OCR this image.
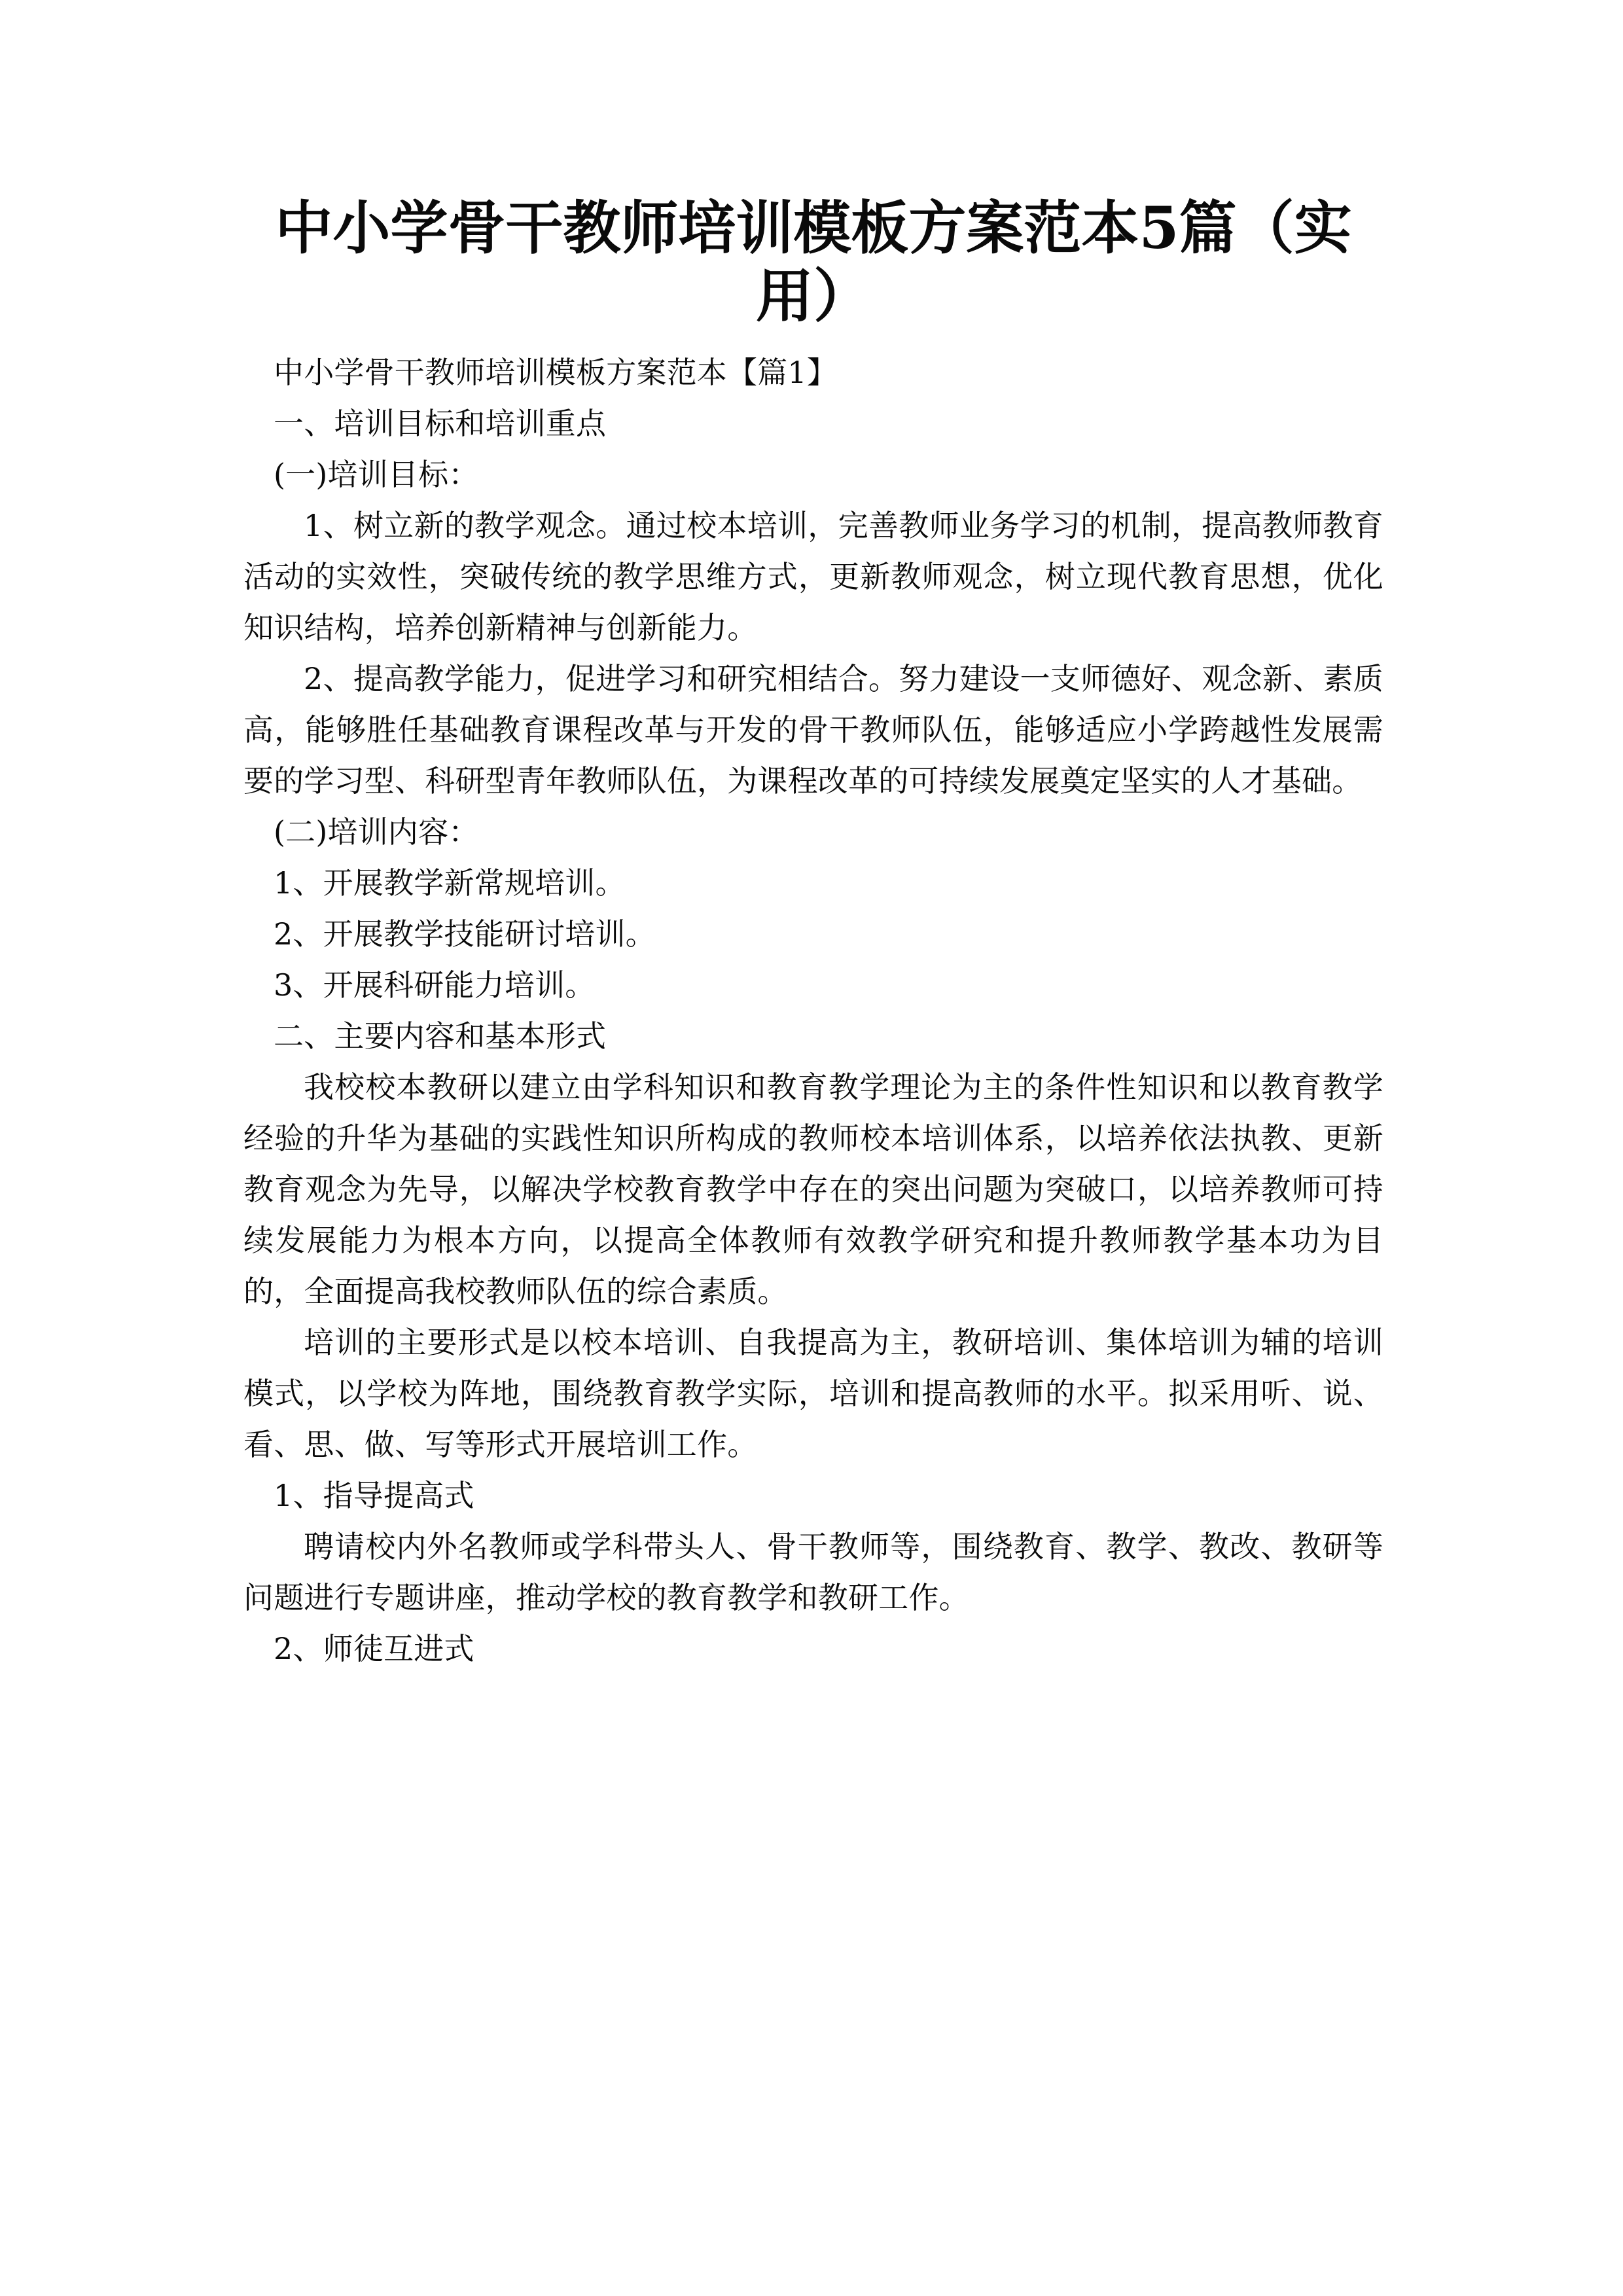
中小学骨干教师培训模板方案范本5篇（实用）

中小学骨干教师培训模板方案范本【篇1】

一、培训目标和培训重点

(一)培训目标：

1、树立新的教学观念。通过校本培训，完善教师业务学习的机制，提高教师教育活动的实效性，突破传统的教学思维方式，更新教师观念，树立现代教育思想，优化知识结构，培养创新精神与创新能力。

2、提高教学能力，促进学习和研究相结合。努力建设一支师德好、观念新、素质高，能够胜任基础教育课程改革与开发的骨干教师队伍，能够适应小学跨越性发展需要的学习型、科研型青年教师队伍，为课程改革的可持续发展奠定坚实的人才基础。

(二)培训内容：

1、开展教学新常规培训。

2、开展教学技能研讨培训。

3、开展科研能力培训。

二、主要内容和基本形式

我校校本教研以建立由学科知识和教育教学理论为主的条件性知识和以教育教学经验的升华为基础的实践性知识所构成的教师校本培训体系，以培养依法执教、更新教育观念为先导，以解决学校教育教学中存在的突出问题为突破口，以培养教师可持续发展能力为根本方向，以提高全体教师有效教学研究和提升教师教学基本功为目的，全面提高我校教师队伍的综合素质。

培训的主要形式是以校本培训、自我提高为主，教研培训、集体培训为辅的培训模式，以学校为阵地，围绕教育教学实际，培训和提高教师的水平。拟采用听、说、看、思、做、写等形式开展培训工作。

1、指导提高式

聘请校内外名教师或学科带头人、骨干教师等，围绕教育、教学、教改、教研等问题进行专题讲座，推动学校的教育教学和教研工作。

2、师徒互进式
